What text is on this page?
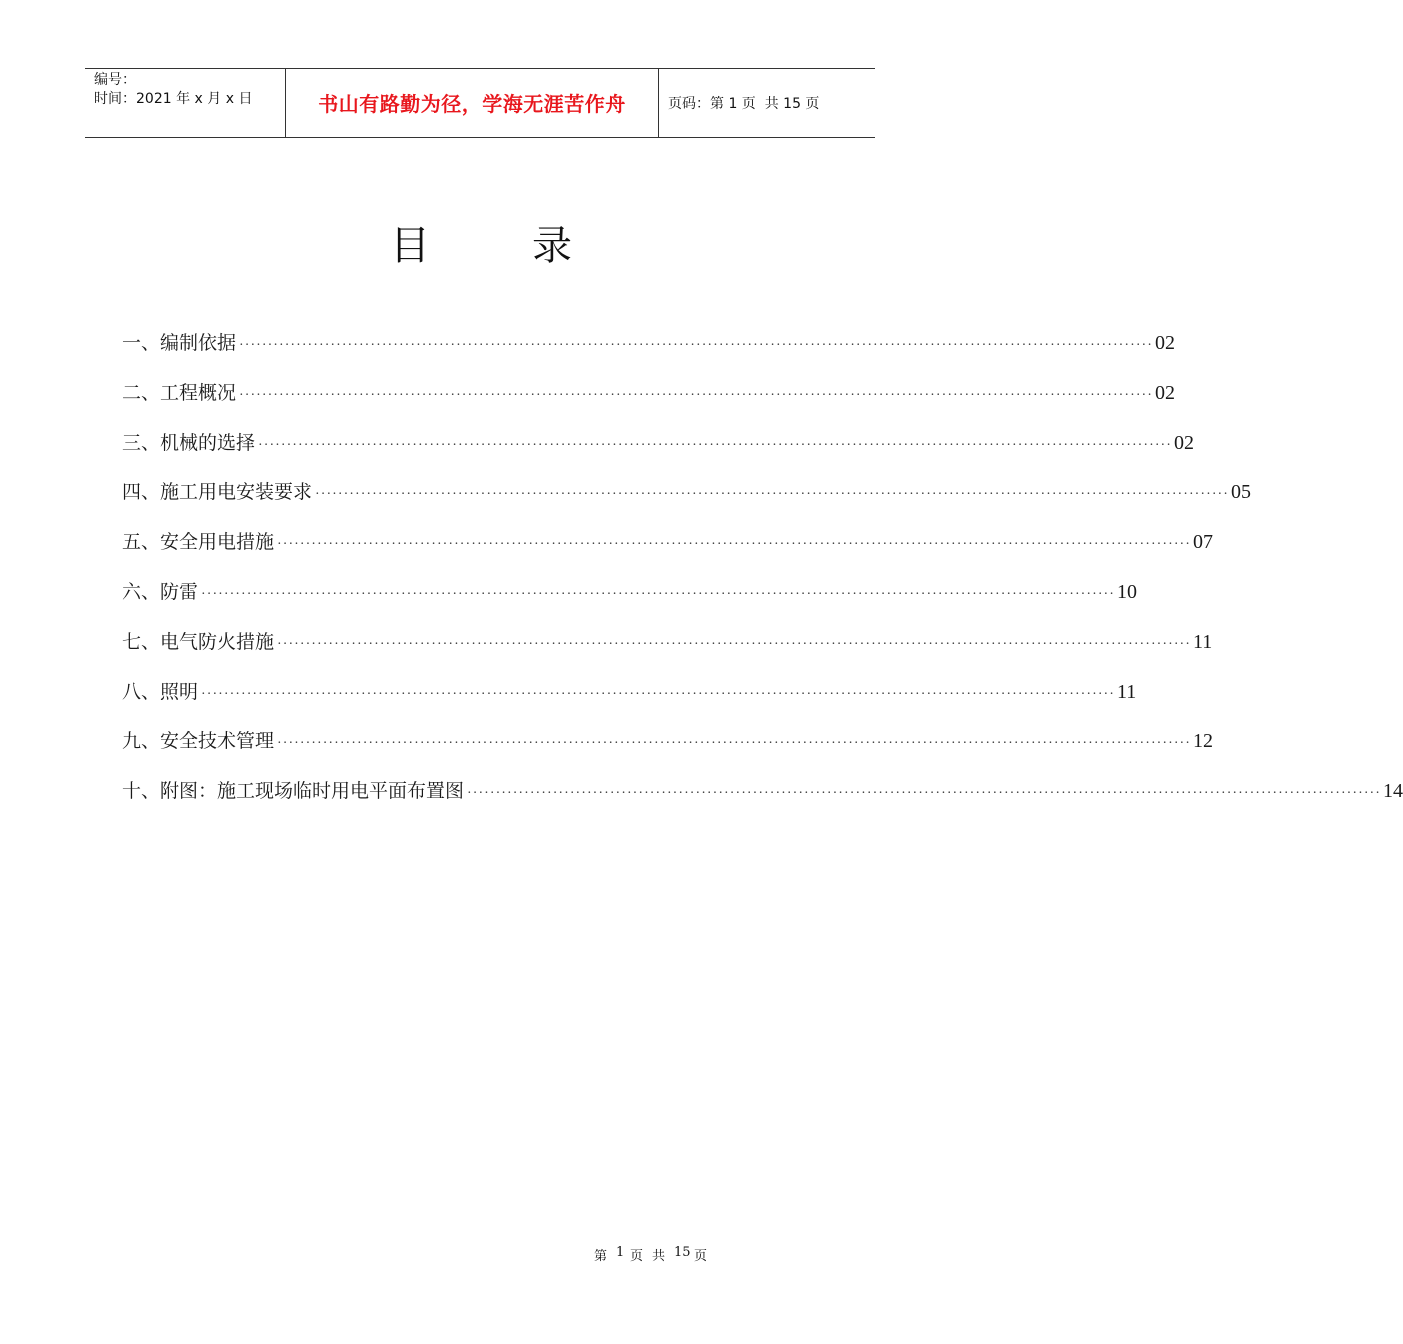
编号：
时间：2021 年 x 月 x 日	书山有路勤为径，学海无涯苦作舟	页码：第 1 页  共 15 页
目	录
一、编制依据 ································································································································································ 02
二、工程概况 ································································································································································ 02
三、机械的选择 ································································································································································ 02
四、施工用电安装要求 ································································································································································ 05
五、安全用电措施 ································································································································································ 07
六、防雷 ································································································································································ 10
七、电气防火措施 ································································································································································ 11
八、照明 ································································································································································ 11
九、安全技术管理 ································································································································································ 12
十、附图：施工现场临时用电平面布置图 ································································································································································ 14
第 1 页 共 15 页
